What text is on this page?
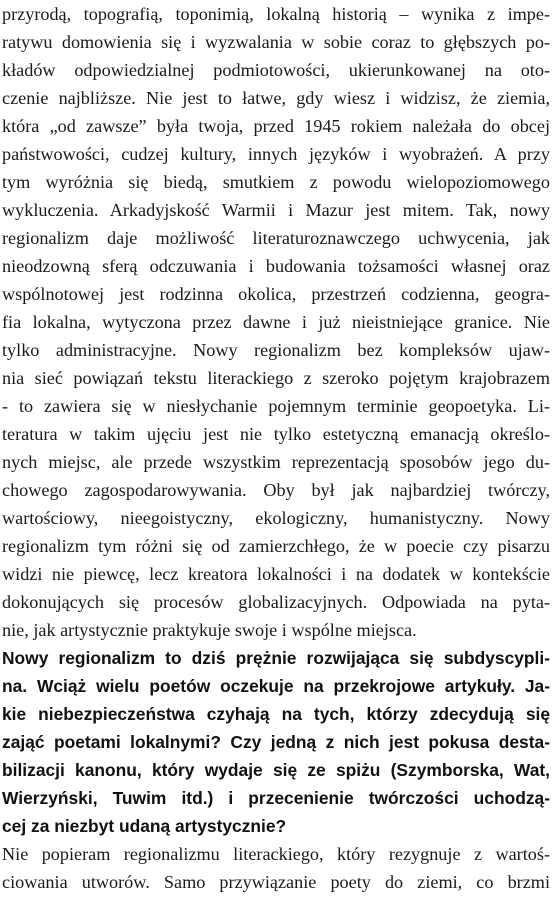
przyrodą, topografią, toponimią, lokalną historią – wynika z impe-
ratywu domowienia się i wyzwalania w sobie coraz to głębszych po-
kładów odpowiedzialnej podmiotowości, ukierunkowanej na oto-
czenie najbliższe. Nie jest to łatwe, gdy wiesz i widzisz, że ziemia,
która „od zawsze” była twoja, przed 1945 rokiem należała do obcej
państwowości, cudzej kultury, innych języków i wyobrażeń. A przy
tym wyróżnia się biedą, smutkiem z powodu wielopoziomowego
wykluczenia. Arkadyjskość Warmii i Mazur jest mitem. Tak, nowy
regionalizm daje możliwość literaturoznawczego uchwycenia, jak
nieodzowną sferą odczuwania i budowania tożsamości własnej oraz
wspólnotowej jest rodzinna okolica, przestrzeń codzienna, geogra-
fia lokalna, wytyczona przez dawne i już nieistniejące granice. Nie
tylko administracyjne. Nowy regionalizm bez kompleksów ujaw-
nia sieć powiązań tekstu literackiego z szeroko pojętym krajobrazem
- to zawiera się w niesłychanie pojemnym terminie geopoetyka. Li-
teratura w takim ujęciu jest nie tylko estetyczną emanacją określo-
nych miejsc, ale przede wszystkim reprezentacją sposobów jego du-
chowego zagospodarowywania. Oby był jak najbardziej twórczy,
wartościowy, nieegoistyczny, ekologiczny, humanistyczny. Nowy
regionalizm tym różni się od zamierzchłego, że w poecie czy pisarzu
widzi nie piewcę, lecz kreatora lokalności i na dodatek w kontekście
dokonujących się procesów globalizacyjnych. Odpowiada na pyta-
nie, jak artystycznie praktykuje swoje i wspólne miejsca.
Nowy regionalizm to dziś prężnie rozwijająca się subdyscypli-
na. Wciąż wielu poetów oczekuje na przekrojowe artykuły. Ja-
kie niebezpieczeństwa czyhają na tych, którzy zdecydują się
zająć poetami lokalnymi? Czy jedną z nich jest pokusa desta-
bilizacji kanonu, który wydaje się ze spiżu (Szymborska, Wat,
Wierzyński, Tuwim itd.) i przecenienie twórczości uchodzą-
cej za niezbyt udaną artystycznie?
Nie popieram regionalizmu literackiego, który rezygnuje z wartoś-
ciowania utworów. Samo przywiązanie poety do ziemi, co brzmi
